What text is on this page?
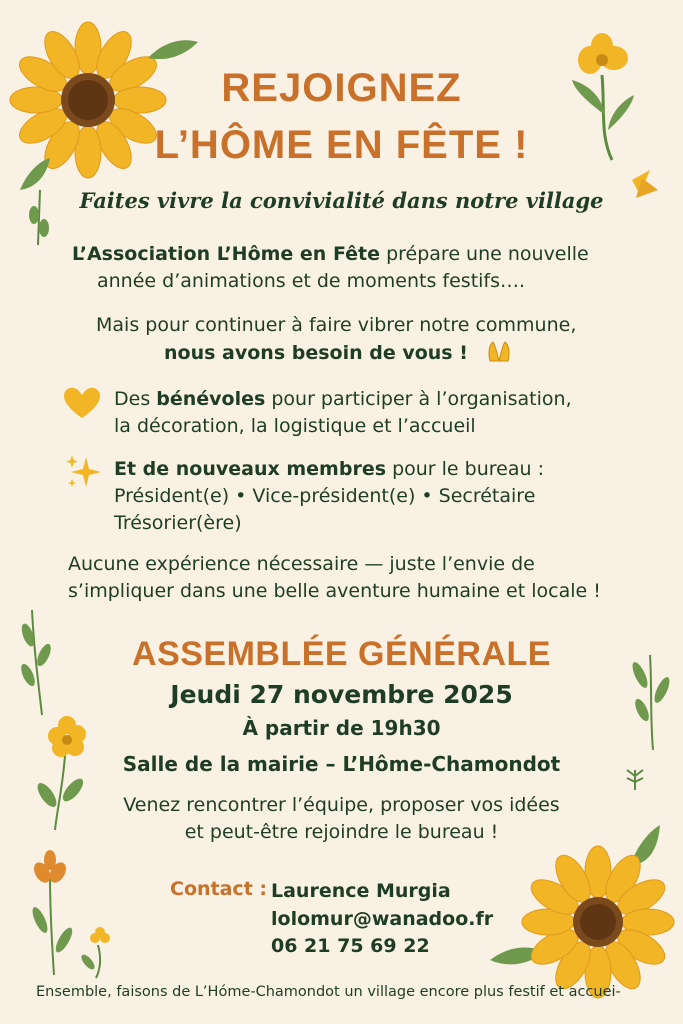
REJOIGNEZ
L’HÔME EN FÊTE !
Faites vivre la convivialité dans notre village
L’Association L’Hôme en Fête prépare une nouvelle
année d’animations et de moments festifs….
Mais pour continuer à faire vibrer notre commune,
nous avons besoin de vous !
Des bénévoles pour participer à l’organisation,
la décoration, la logistique et l’accueil
Et de nouveaux membres pour le bureau :
Président(e) • Vice-président(e) • Secrétaire
Trésorier(ère)
Aucune expérience nécessaire — juste l’envie de
s’impliquer dans une belle aventure humaine et locale !
ASSEMBLÉE GÉNÉRALE
Jeudi 27 novembre 2025
À partir de 19h30
Salle de la mairie – L’Hôme-Chamondot
Venez rencontrer l’équipe, proposer vos idées
et peut-être rejoindre le bureau !
Contact : Laurence Murgia
lolomur@wanadoo.fr
06 21 75 69 22
Ensemble, faisons de L’Hóme-Chamondot un village encore plus festif et accuei-
